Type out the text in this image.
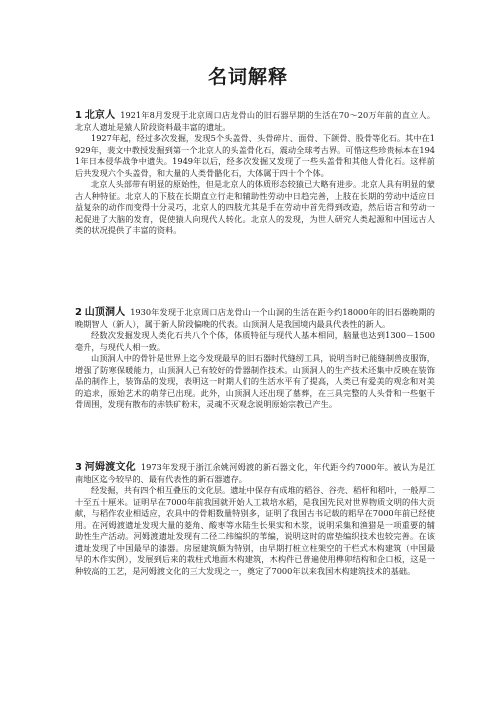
名词解释

1 北京人 1921年8月发现于北京周口店龙骨山的旧石器早期的生活在70～20万年前的直立人。北京人遗址是猿人阶段资料最丰富的遗址。

1927年起，经过多次发掘，发现5个头盖骨、头骨碎片、面骨、下颌骨、股骨等化石。其中在1929年，裴文中教授发掘到第一个北京人的头盖骨化石，震动全球考古界。可惜这些珍贵标本在1941年日本侵华战争中遗失。1949年以后，经多次发掘又发现了一些头盖骨和其他人骨化石。这样前后共发现六个头盖骨，和大量的人类骨骼化石，大体属于四十个个体。

北京人头部带有明显的原始性，但是北京人的体质形态较猿已大略有进步。北京人具有明显的蒙古人种特征。北京人的下肢在长期直立行走和辅助性劳动中日趋完善，上肢在长期的劳动中适应日益复杂的动作而变得十分灵巧，北京人的四肢尤其是手在劳动中首先得到改造，然后语言和劳动一起促进了大脑的发育，促使猿人向现代人转化。北京人的发现，为世人研究人类起源和中国远古人类的状况提供了丰富的资料。

2 山顶洞人 1930年发现于北京周口店龙骨山一个山洞的生活在距今约18000年的旧石器晚期的晚期智人（新人），属于新人阶段偏晚的代表。山顶洞人是我国境内最具代表性的新人。

经数次发掘发现人类化石共八个个体，体质特征与现代人基本相同，脑量也达到1300－1500毫升，与现代人相一致。

山顶洞人中的骨针是世界上迄今发现最早的旧石器时代缝纫工具，说明当时已能缝制兽皮服饰，增强了防寒保暖能力，山顶洞人已有较好的骨器制作技术。山顶洞人的生产技术还集中反映在装饰品的制作上，装饰品的发现，表明这一时期人们的生活水平有了提高，人类已有爱美的观念和对美的追求，原始艺术的萌芽已出现。此外，山顶洞人还出现了墓葬，在三具完整的人头骨和一些躯干骨周围，发现有散布的赤铁矿粉末，灵魂不灭观念说明原始宗教已产生。

3 河姆渡文化 1973年发现于浙江余姚河姆渡的新石器文化，年代距今约7000年。被认为是江南地区迄今较早的、最有代表性的新石器遗存。

经发掘，共有四个相互叠压的文化层。遗址中保存有成堆的稻谷、谷壳、稻杆和稻叶，一般厚二十至五十厘米。证明早在7000年前我国就开始人工栽培水稻，是我国先民对世界物质文明的伟大贡献，与稻作农业相适应，农具中的骨耜数量特别多，证明了我国古书记载的耜早在7000年前已经使用。在河姆渡遗址发现大量的菱角、酸枣等水陆生长果实和木浆，说明采集和渔猎是一项重要的辅助性生产活动。河姆渡遗址发现有二径二纬编织的苇编，说明这时的席垫编织技术也较完善。在该遗址发现了中国最早的漆器。房屋建筑颇为特别，由早期打桩立柱架空的干栏式木构建筑（中国最早的木作实例），发展到后来的栽柱式地面木构建筑，木构件已普遍使用榫卯结构和企口板，这是一种较高的工艺，是河姆渡文化的三大发现之一，奠定了7000年以来我国木构建筑技术的基础。
